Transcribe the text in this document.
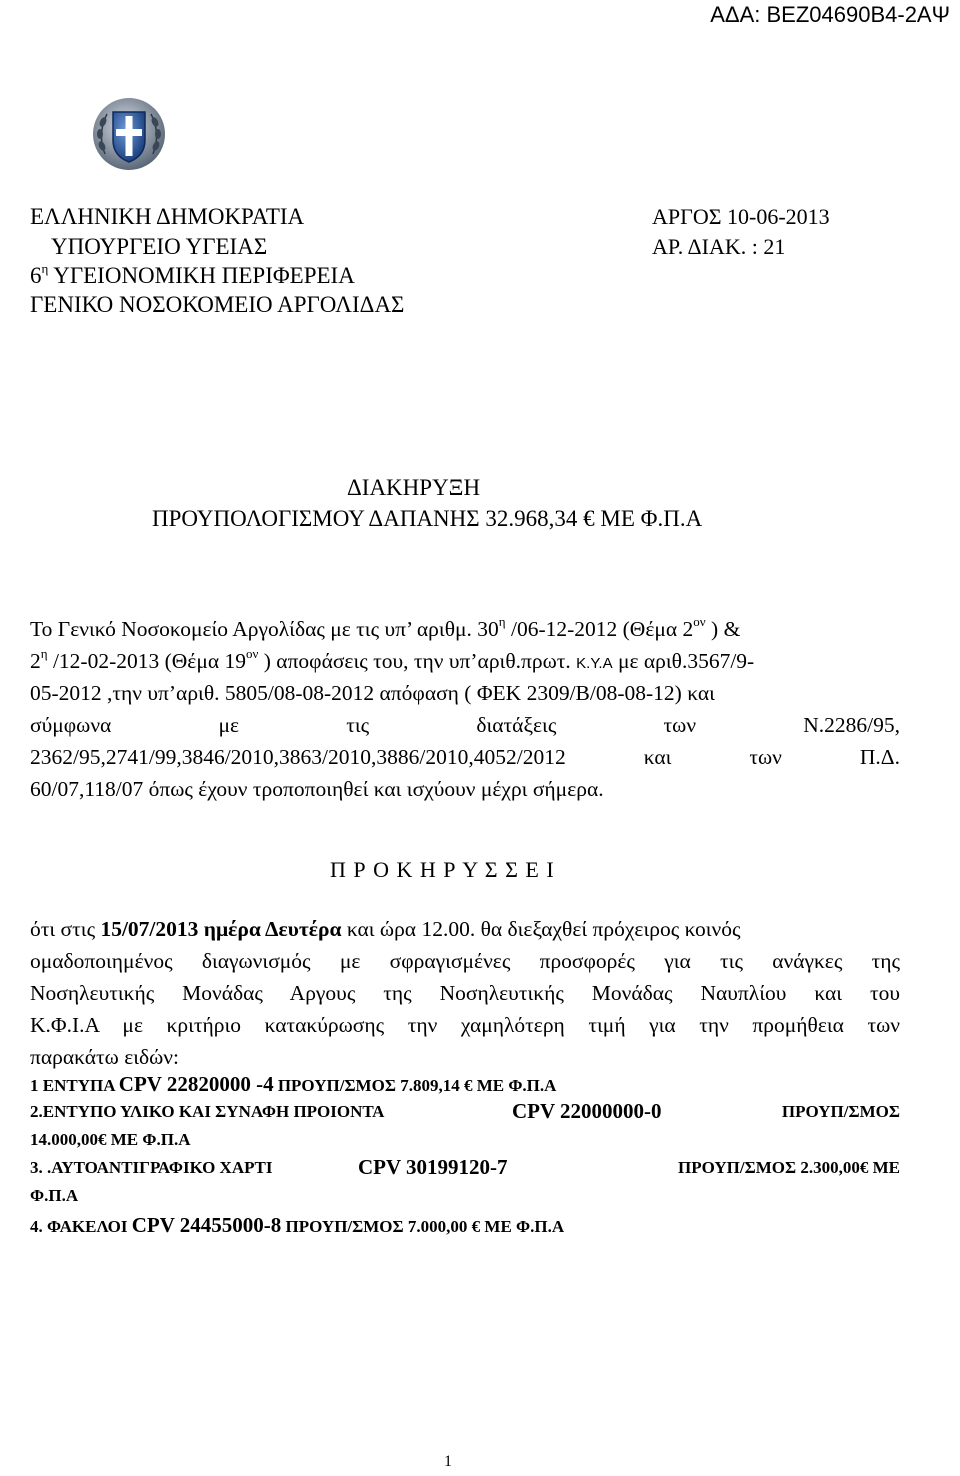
ΑΔΑ: ΒΕΖ04690Β4-2ΑΨ
ΕΛΛΗΝΙΚΗ ΔΗΜΟΚΡΑΤΙΑ
ΥΠΟΥΡΓΕΙΟ ΥΓΕΙΑΣ
$6^\eta$ ΥΓΕΙΟΝΟΜΙΚΗ ΠΕΡΙΦΕΡΕΙΑ
ΓΕΝΙΚΟ ΝΟΣΟΚΟΜΕΙΟ ΑΡΓΟΛΙΔΑΣ
ΑΡΓΟΣ 10-06-2013
ΑΡ. ΔΙΑΚ. : 21
ΔΙΑΚΗΡΥΞΗ
ΠΡΟΥΠΟΛΟΓΙΣΜΟΥ ΔΑΠΑΝΗΣ 32.968,34 € ΜΕ Φ.Π.Α
Το Γενικό Νοσοκομείο Αργολίδας με τις υπ’ αριθμ. $30^\eta$ /06-12-2012 (Θέμα $2^{o\nu}$ ) &
$2^\eta$ /12-02-2013 (Θέμα $19^{o\nu}$ ) αποφάσεις του, την υπ’αριθ.πρωτ. Κ.Υ.Α με αριθ.3567/9-
05-2012 ,την υπ’αριθ. 5805/08-08-2012 απόφαση ( ΦΕΚ 2309/Β/08-08-12) και
σύμφωνα με τις διατάξεις των Ν.2286/95,
2362/95,2741/99,3846/2010,3863/2010,3886/2010,4052/2012 και των Π.Δ.
60/07,118/07 όπως έχουν τροποποιηθεί και ισχύουν μέχρι σήμερα.
Π Ρ Ο Κ Η Ρ Υ Σ Σ Ε Ι
ότι στις 15/07/2013 ημέρα Δευτέρα και ώρα 12.00. θα διεξαχθεί πρόχειρος κοινός
ομαδοποιημένος διαγωνισμός με σφραγισμένες προσφορές για τις ανάγκες της
Νοσηλευτικής Μονάδας Αργους της Νοσηλευτικής Μονάδας Ναυπλίου και του
Κ.Φ.Ι.Α με κριτήριο κατακύρωσης την χαμηλότερη τιμή για την προμήθεια των
παρακάτω ειδών:
1 ΕΝΤΥΠΑ CPV 22820000 -4 ΠΡΟΥΠ/ΣΜΟΣ 7.809,14 € ΜΕ Φ.Π.Α
2.ΕΝΤΥΠΟ ΥΛΙΚΟ ΚΑΙ ΣΥΝΑΦΗ ΠΡΟΙΟΝΤΑ	CPV 22000000-0	ΠΡΟΥΠ/ΣΜΟΣ
14.000,00€ ΜΕ Φ.Π.Α
3. .ΑΥΤΟΑΝΤΙΓΡΑΦΙΚΟ ΧΑΡΤΙ	CPV 30199120-7	ΠΡΟΥΠ/ΣΜΟΣ 2.300,00€ ΜΕ
Φ.Π.Α
4. ΦΑΚΕΛΟΙ CPV 24455000-8 ΠΡΟΥΠ/ΣΜΟΣ 7.000,00 € ΜΕ Φ.Π.Α
1
